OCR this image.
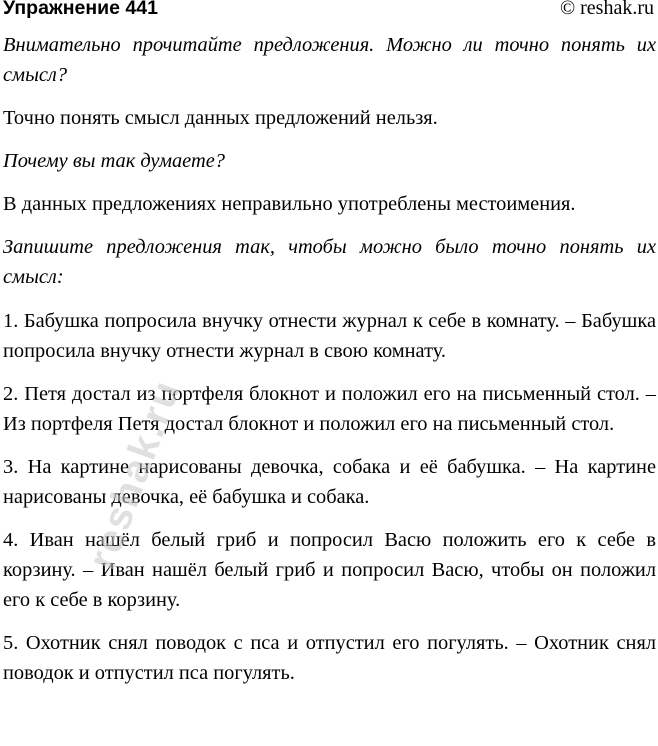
Упражнение 441	© reshak.ru

Внимательно прочитайте предложения. Можно ли точно понять их смысл?

Точно понять смысл данных предложений нельзя.

Почему вы так думаете?

В данных предложениях неправильно употреблены местоимения.

Запишите предложения так, чтобы можно было точно понять их смысл:

1. Бабушка попросила внучку отнести журнал к себе в комнату. – Бабушка попросила внучку отнести журнал в свою комнату.

2. Петя достал из портфеля блокнот и положил его на письменный стол. – Из портфеля Петя достал блокнот и положил его на письменный стол.

3. На картине нарисованы девочка, собака и её бабушка. – На картине нарисованы девочка, её бабушка и собака.

4. Иван нашёл белый гриб и попросил Васю положить его к себе в корзину. – Иван нашёл белый гриб и попросил Васю, чтобы он положил его к себе в корзину.

5. Охотник снял поводок с пса и отпустил его погулять. – Охотник снял поводок и отпустил пса погулять.

reshak.ru
